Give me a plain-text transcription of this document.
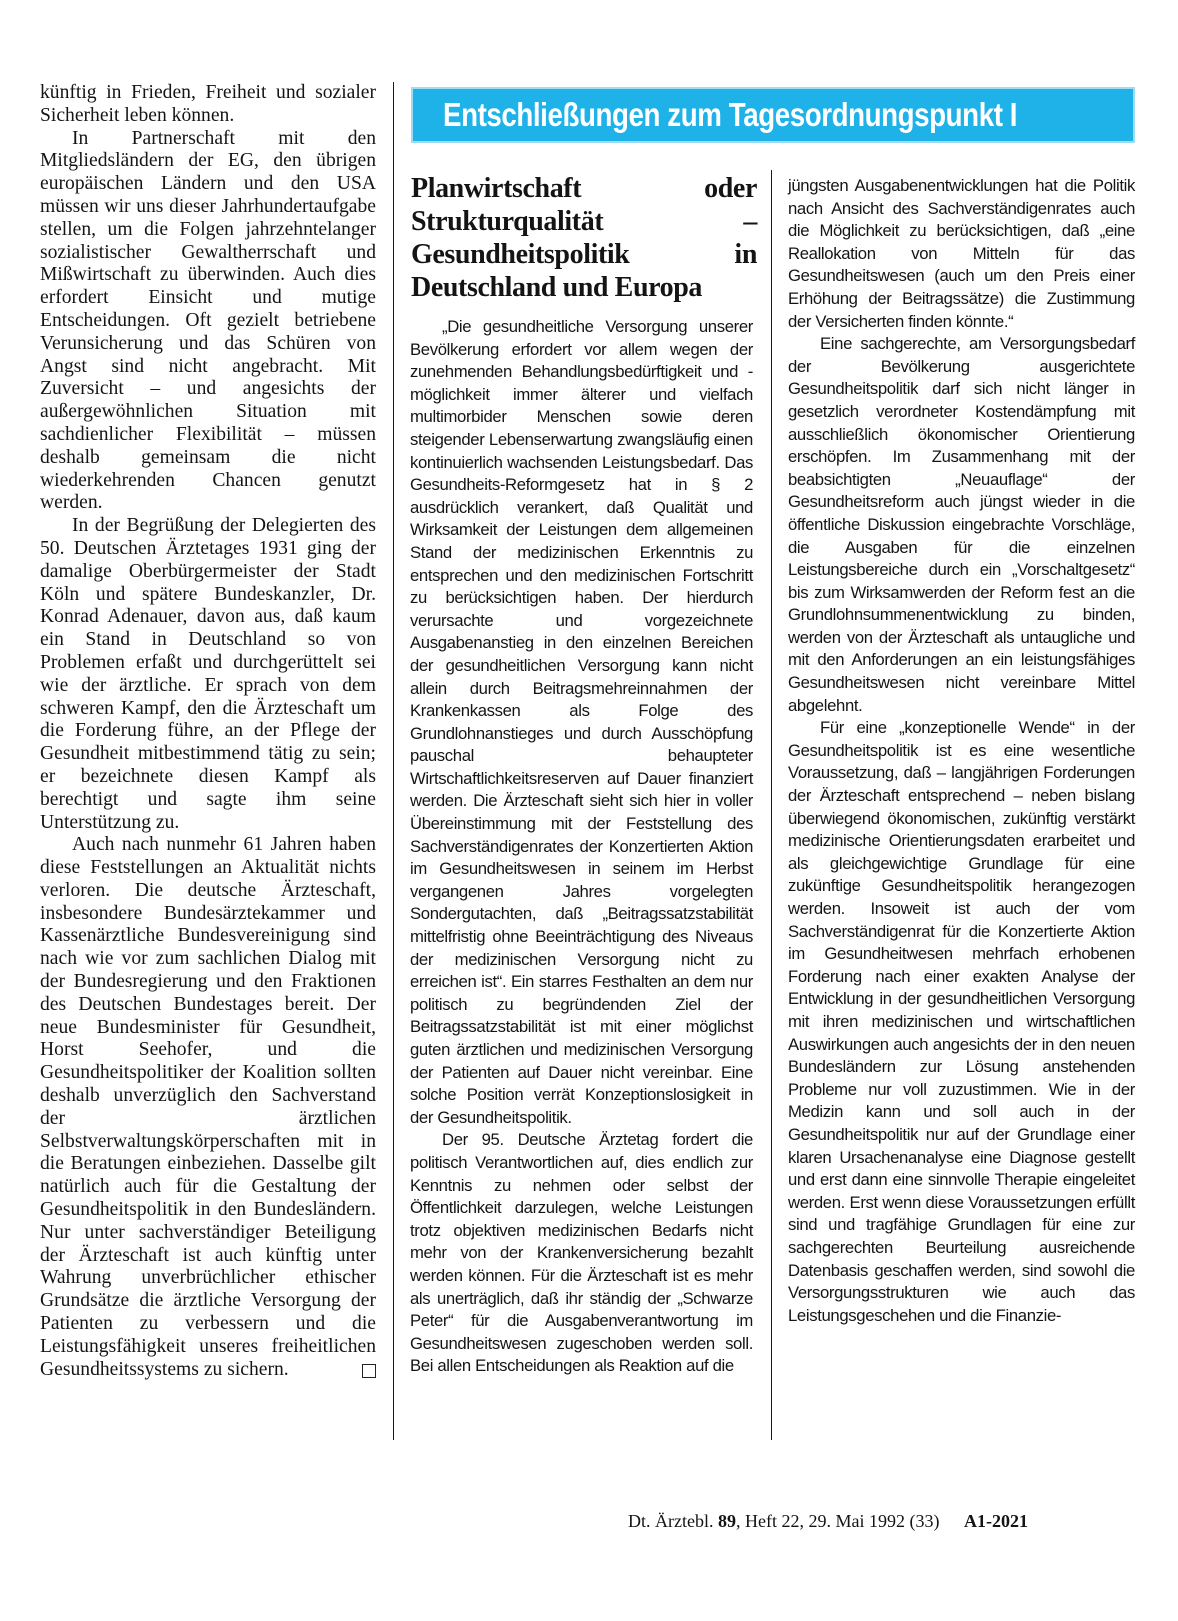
künftig in Frieden, Freiheit und sozialer Sicherheit leben können.

In Partnerschaft mit den Mitgliedsländern der EG, den übrigen europäischen Ländern und den USA müssen wir uns dieser Jahrhundertaufgabe stellen, um die Folgen jahrzehntelanger sozialistischer Gewaltherrschaft und Mißwirtschaft zu überwinden. Auch dies erfordert Einsicht und mutige Entscheidungen. Oft gezielt betriebene Verunsicherung und das Schüren von Angst sind nicht angebracht. Mit Zuversicht – und angesichts der außergewöhnlichen Situation mit sachdienlicher Flexibilität – müssen deshalb gemeinsam die nicht wiederkehrenden Chancen genutzt werden.

In der Begrüßung der Delegierten des 50. Deutschen Ärztetages 1931 ging der damalige Oberbürgermeister der Stadt Köln und spätere Bundeskanzler, Dr. Konrad Adenauer, davon aus, daß kaum ein Stand in Deutschland so von Problemen erfaßt und durchgerüttelt sei wie der ärztliche. Er sprach von dem schweren Kampf, den die Ärzteschaft um die Forderung führe, an der Pflege der Gesundheit mitbestimmend tätig zu sein; er bezeichnete diesen Kampf als berechtigt und sagte ihm seine Unterstützung zu.

Auch nach nunmehr 61 Jahren haben diese Feststellungen an Aktualität nichts verloren. Die deutsche Ärzteschaft, insbesondere Bundesärztekammer und Kassenärztliche Bundesvereinigung sind nach wie vor zum sachlichen Dialog mit der Bundesregierung und den Fraktionen des Deutschen Bundestages bereit. Der neue Bundesminister für Gesundheit, Horst Seehofer, und die Gesundheitspolitiker der Koalition sollten deshalb unverzüglich den Sachverstand der ärztlichen Selbstverwaltungskörperschaften mit in die Beratungen einbeziehen. Dasselbe gilt natürlich auch für die Gestaltung der Gesundheitspolitik in den Bundesländern. Nur unter sachverständiger Beteiligung der Ärzteschaft ist auch künftig unter Wahrung unverbrüchlicher ethischer Grundsätze die ärztliche Versorgung der Patienten zu verbessern und die Leistungsfähigkeit unseres freiheitlichen Gesundheitssystems zu sichern.

Entschließungen zum Tagesordnungspunkt I
Planwirtschaft oder Strukturqualität – Gesundheitspolitik in Deutschland und Europa

„Die gesundheitliche Versorgung unserer Bevölkerung erfordert vor allem wegen der zunehmenden Behandlungsbedürftigkeit und -möglichkeit immer älterer und vielfach multimorbider Menschen sowie deren steigender Lebenserwartung zwangsläufig einen kontinuierlich wachsenden Leistungsbedarf. Das Gesundheits-Reformgesetz hat in § 2 ausdrücklich verankert, daß Qualität und Wirksamkeit der Leistungen dem allgemeinen Stand der medizinischen Erkenntnis zu entsprechen und den medizinischen Fortschritt zu berücksichtigen haben. Der hierdurch verursachte und vorgezeichnete Ausgabenanstieg in den einzelnen Bereichen der gesundheitlichen Versorgung kann nicht allein durch Beitragsmehreinnahmen der Krankenkassen als Folge des Grundlohnanstieges und durch Ausschöpfung pauschal behaupteter Wirtschaftlichkeitsreserven auf Dauer finanziert werden. Die Ärzteschaft sieht sich hier in voller Übereinstimmung mit der Feststellung des Sachverständigenrates der Konzertierten Aktion im Gesundheitswesen in seinem im Herbst vergangenen Jahres vorgelegten Sondergutachten, daß „Beitragssatzstabilität mittelfristig ohne Beeinträchtigung des Niveaus der medizinischen Versorgung nicht zu erreichen ist“. Ein starres Festhalten an dem nur politisch zu begründenden Ziel der Beitragssatzstabilität ist mit einer möglichst guten ärztlichen und medizinischen Versorgung der Patienten auf Dauer nicht vereinbar. Eine solche Position verrät Konzeptionslosigkeit in der Gesundheitspolitik.

Der 95. Deutsche Ärztetag fordert die politisch Verantwortlichen auf, dies endlich zur Kenntnis zu nehmen oder selbst der Öffentlichkeit darzulegen, welche Leistungen trotz objektiven medizinischen Bedarfs nicht mehr von der Krankenversicherung bezahlt werden können. Für die Ärzteschaft ist es mehr als unerträglich, daß ihr ständig der „Schwarze Peter“ für die Ausgabenverantwortung im Gesundheitswesen zugeschoben werden soll. Bei allen Entscheidungen als Reaktion auf die

jüngsten Ausgabenentwicklungen hat die Politik nach Ansicht des Sachverständigenrates auch die Möglichkeit zu berücksichtigen, daß „eine Reallokation von Mitteln für das Gesundheitswesen (auch um den Preis einer Erhöhung der Beitragssätze) die Zustimmung der Versicherten finden könnte.“

Eine sachgerechte, am Versorgungsbedarf der Bevölkerung ausgerichtete Gesundheitspolitik darf sich nicht länger in gesetzlich verordneter Kostendämpfung mit ausschließlich ökonomischer Orientierung erschöpfen. Im Zusammenhang mit der beabsichtigten „Neuauflage“ der Gesundheitsreform auch jüngst wieder in die öffentliche Diskussion eingebrachte Vorschläge, die Ausgaben für die einzelnen Leistungsbereiche durch ein „Vorschaltgesetz“ bis zum Wirksamwerden der Reform fest an die Grundlohnsummenentwicklung zu binden, werden von der Ärzteschaft als untaugliche und mit den Anforderungen an ein leistungsfähiges Gesundheitswesen nicht vereinbare Mittel abgelehnt.

Für eine „konzeptionelle Wende“ in der Gesundheitspolitik ist es eine wesentliche Voraussetzung, daß – langjährigen Forderungen der Ärzteschaft entsprechend – neben bislang überwiegend ökonomischen, zukünftig verstärkt medizinische Orientierungsdaten erarbeitet und als gleichgewichtige Grundlage für eine zukünftige Gesundheitspolitik herangezogen werden. Insoweit ist auch der vom Sachverständigenrat für die Konzertierte Aktion im Gesundheitwesen mehrfach erhobenen Forderung nach einer exakten Analyse der Entwicklung in der gesundheitlichen Versorgung mit ihren medizinischen und wirtschaftlichen Auswirkungen auch angesichts der in den neuen Bundesländern zur Lösung anstehenden Probleme nur voll zuzustimmen. Wie in der Medizin kann und soll auch in der Gesundheitspolitik nur auf der Grundlage einer klaren Ursachenanalyse eine Diagnose gestellt und erst dann eine sinnvolle Therapie eingeleitet werden. Erst wenn diese Voraussetzungen erfüllt sind und tragfähige Grundlagen für eine zur sachgerechten Beurteilung ausreichende Datenbasis geschaffen werden, sind sowohl die Versorgungsstrukturen wie auch das Leistungsgeschehen und die Finanzie-

Dt. Ärztebl. 89, Heft 22, 29. Mai 1992 (33) A1-2021
